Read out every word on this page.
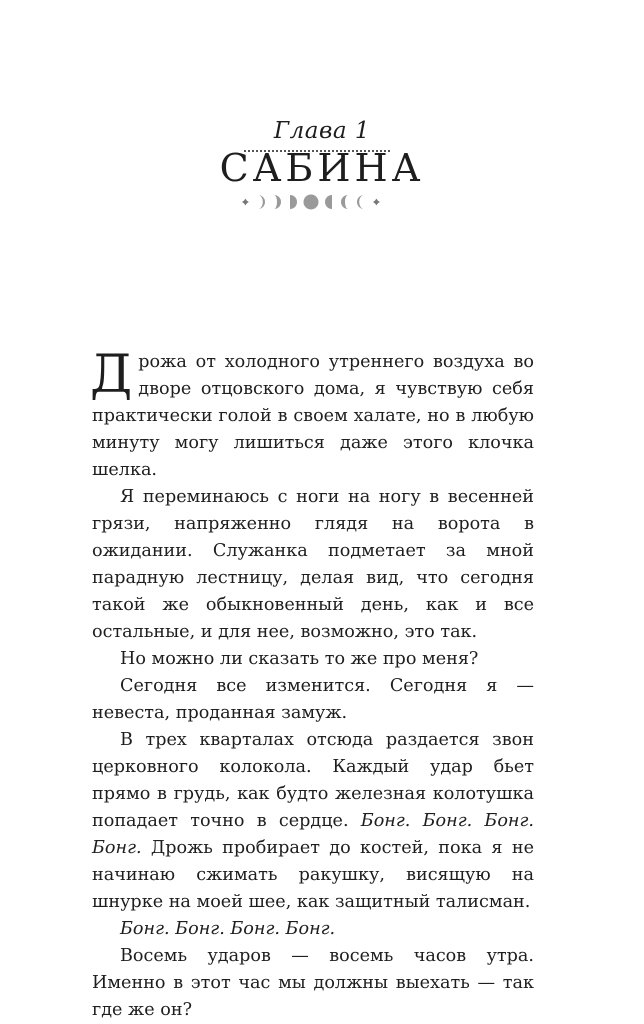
Глава 1
САБИНА

Дрожа от холодного утреннего воздуха во дворе отцовского дома, я чувствую себя практически голой в своем халате, но в любую минуту могу лишиться даже этого клочка шелка.

Я переминаюсь с ноги на ногу в весенней грязи, напряженно глядя на ворота в ожидании. Служанка подметает за мной парадную лестницу, делая вид, что сегодня такой же обыкновенный день, как и все остальные, и для нее, возможно, это так.

Но можно ли сказать то же про меня?

Сегодня все изменится. Сегодня я — невеста, проданная замуж.

В трех кварталах отсюда раздается звон церковного колокола. Каждый удар бьет прямо в грудь, как будто железная колотушка попадает точно в сердце. Бонг. Бонг. Бонг. Бонг. Дрожь пробирает до костей, пока я не начинаю сжимать ракушку, висящую на шнурке на моей шее, как защитный талисман.

Бонг. Бонг. Бонг. Бонг.

Восемь ударов — восемь часов утра. Именно в этот час мы должны выехать — так где же он?
